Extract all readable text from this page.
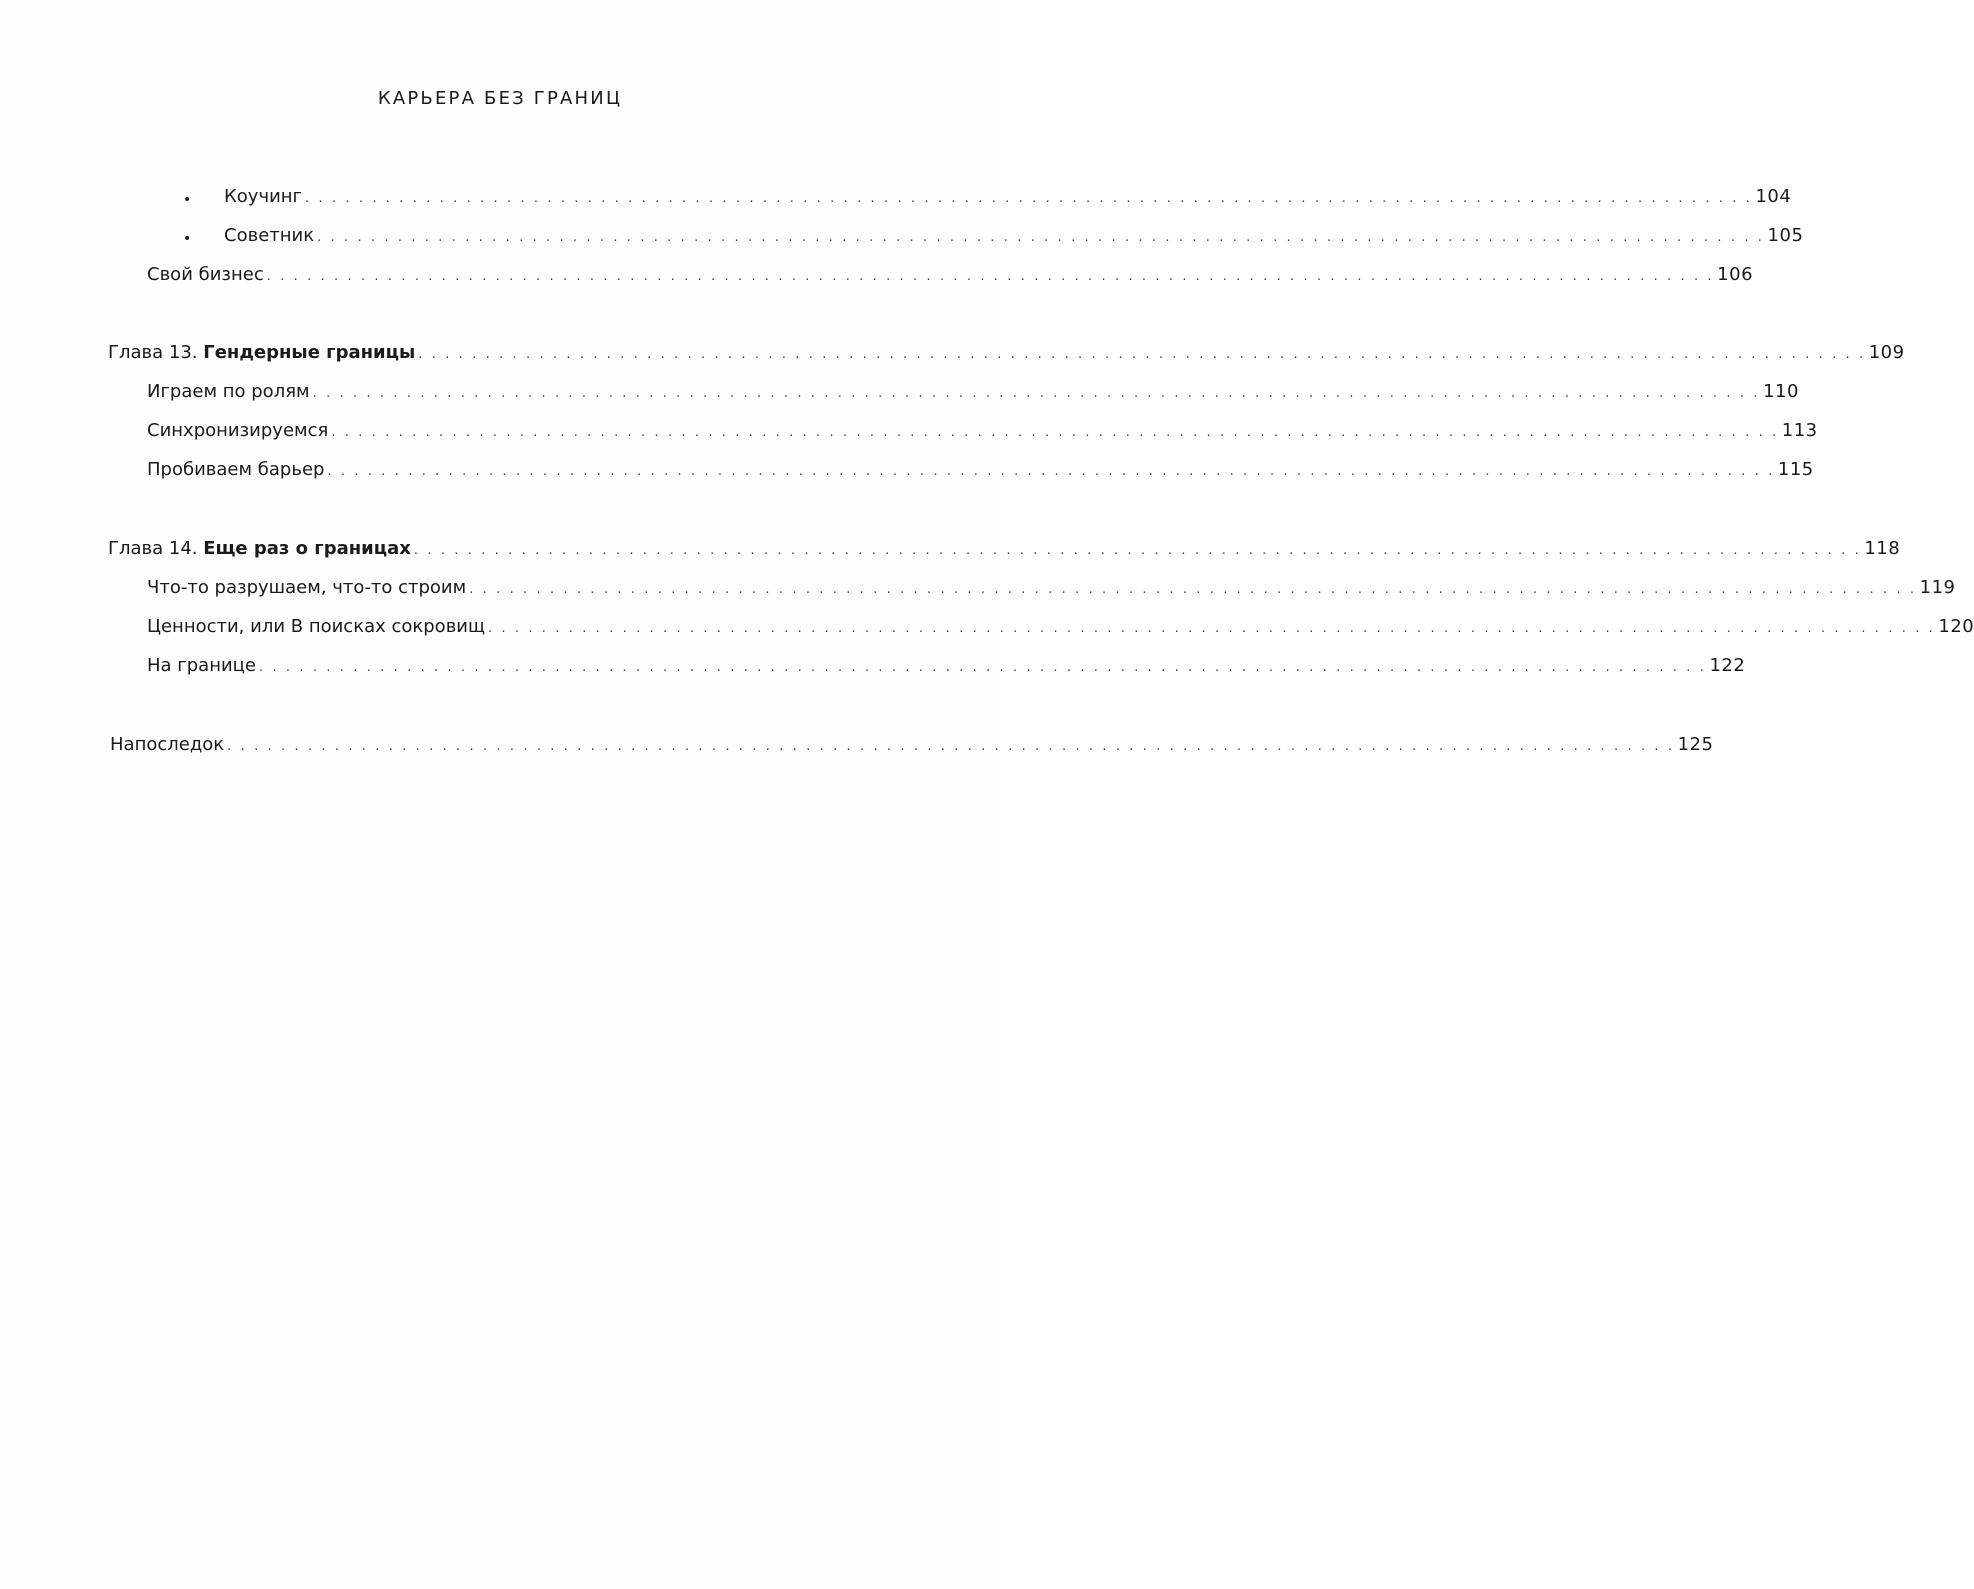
КАРЬЕРА БЕЗ ГРАНИЦ
• Коучинг . . . . . . . . . . . . . . . . . . . . . . . . . . . . . . . . . . . . . . . . . . . . . . . . . . . . . . . . . . . . . . . . . . . . . . . . . . . . . . . . . . . . . . . . . . . . . . . . . . . . . . . . . . . . 104
• Советник . . . . . . . . . . . . . . . . . . . . . . . . . . . . . . . . . . . . . . . . . . . . . . . . . . . . . . . . . . . . . . . . . . . . . . . . . . . . . . . . . . . . . . . . . . . . . . . . . . . . . . . . . . . . 105
Свой бизнес . . . . . . . . . . . . . . . . . . . . . . . . . . . . . . . . . . . . . . . . . . . . . . . . . . . . . . . . . . . . . . . . . . . . . . . . . . . . . . . . . . . . . . . . . . . . . . . . . . . . . . . . . . . . 106
Глава 13. Гендерные границы . . . . . . . . . . . . . . . . . . . . . . . . . . . . . . . . . . . . . . . . . . . . . . . . . . . . . . . . . . . . . . . . . . . . . . . . . . . . . . . . . . . . . . . . . . . . . . . . . . . . . . . . . . . . 109
Играем по ролям . . . . . . . . . . . . . . . . . . . . . . . . . . . . . . . . . . . . . . . . . . . . . . . . . . . . . . . . . . . . . . . . . . . . . . . . . . . . . . . . . . . . . . . . . . . . . . . . . . . . . . . . . . . . 110
Синхронизируемся . . . . . . . . . . . . . . . . . . . . . . . . . . . . . . . . . . . . . . . . . . . . . . . . . . . . . . . . . . . . . . . . . . . . . . . . . . . . . . . . . . . . . . . . . . . . . . . . . . . . . . . . . . . . 113
Пробиваем барьер . . . . . . . . . . . . . . . . . . . . . . . . . . . . . . . . . . . . . . . . . . . . . . . . . . . . . . . . . . . . . . . . . . . . . . . . . . . . . . . . . . . . . . . . . . . . . . . . . . . . . . . . . . . . 115
Глава 14. Еще раз о границах . . . . . . . . . . . . . . . . . . . . . . . . . . . . . . . . . . . . . . . . . . . . . . . . . . . . . . . . . . . . . . . . . . . . . . . . . . . . . . . . . . . . . . . . . . . . . . . . . . . . . . . . . . . . 118
Что-то разрушаем, что-то строим . . . . . . . . . . . . . . . . . . . . . . . . . . . . . . . . . . . . . . . . . . . . . . . . . . . . . . . . . . . . . . . . . . . . . . . . . . . . . . . . . . . . . . . . . . . . . . . . . . . . . . . . . . . . 119
Ценности, или В поисках сокровищ . . . . . . . . . . . . . . . . . . . . . . . . . . . . . . . . . . . . . . . . . . . . . . . . . . . . . . . . . . . . . . . . . . . . . . . . . . . . . . . . . . . . . . . . . . . . . . . . . . . . . . . . . . . . 120
На границе . . . . . . . . . . . . . . . . . . . . . . . . . . . . . . . . . . . . . . . . . . . . . . . . . . . . . . . . . . . . . . . . . . . . . . . . . . . . . . . . . . . . . . . . . . . . . . . . . . . . . . . . . . . . 122
Напоследок . . . . . . . . . . . . . . . . . . . . . . . . . . . . . . . . . . . . . . . . . . . . . . . . . . . . . . . . . . . . . . . . . . . . . . . . . . . . . . . . . . . . . . . . . . . . . . . . . . . . . . . . . . . . 125
